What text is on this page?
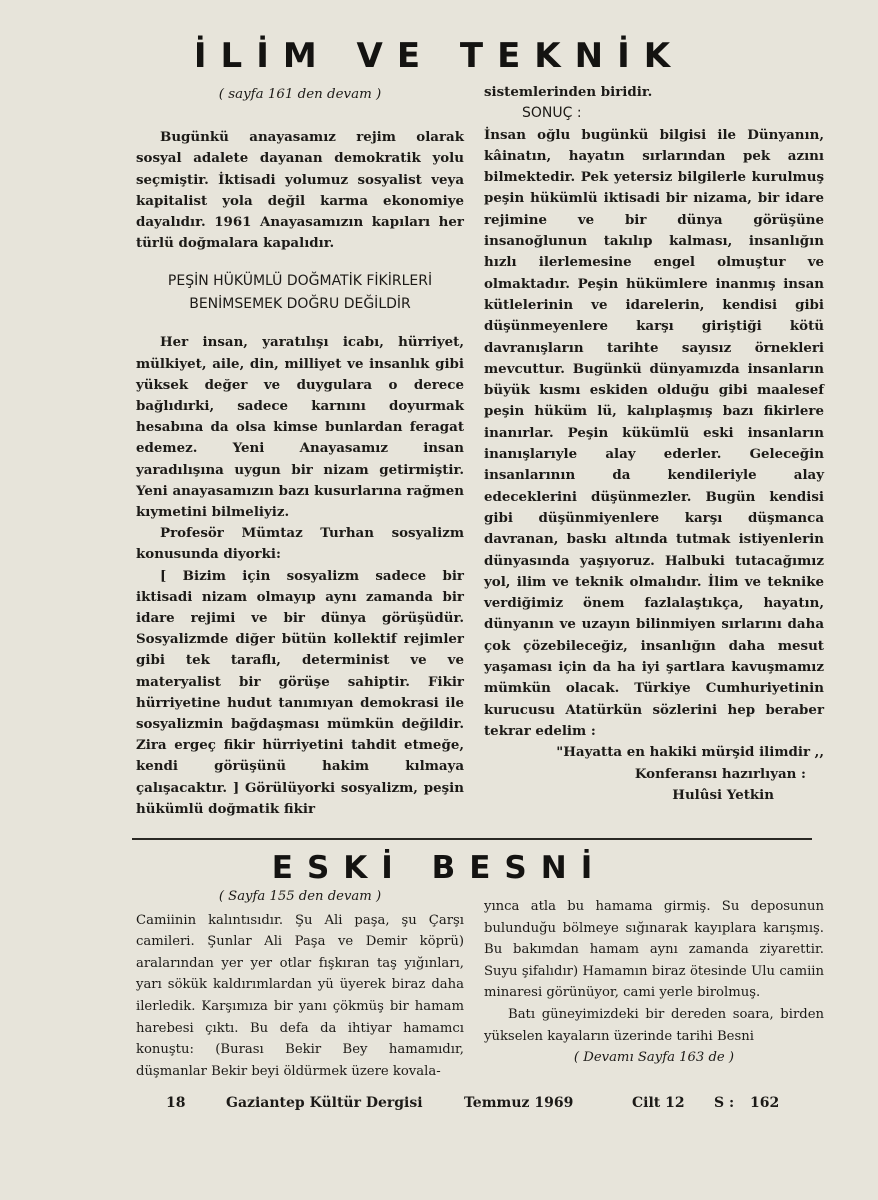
İLİM VE TEKNİK

( sayfa 161 den devam )

Bugünkü anayasamız rejim olarak sosyal adalete dayanan demokratik yolu seçmiştir. İktisadi yolumuz sosyalist veya kapitalist yola değil karma ekonomiye dayalıdır. 1961 Anayasamızın kapıları her türlü doğmalara kapalıdır.

PEŞİN HÜKÜMLÜ DOĞMATİK FİKİRLERİ BENİMSEMEK DOĞRU DEĞİLDİR

Her insan, yaratılışı icabı, hürriyet, mülkiyet, aile, din, milliyet ve insanlık gibi yüksek değer ve duygulara o derece bağlıdırki, sadece karnını doyurmak hesabına da olsa kimse bunlardan feragat edemez. Yeni Anayasamız insan yaradılışına uygun bir nizam getirmiştir. Yeni anayasamızın bazı kusurlarına rağmen kıymetini bilmeliyiz.

Profesör Mümtaz Turhan sosyalizm konusunda diyorki:

[ Bizim için sosyalizm sadece bir iktisadi nizam olmayıp aynı zamanda bir idare rejimi ve bir dünya görüşüdür. Sosyalizmde diğer bütün kollektif rejimler gibi tek taraflı, determinist ve ve materyalist bir görüşe sahiptir. Fikir hürriyetine hudut tanımıyan demokrasi ile sosyalizmin bağdaşması mümkün değildir. Zira ergeç fikir hürriyetini tahdit etmeğe, kendi görüşünü hakim kılmaya çalışacaktır. ] Görülüyorki sosyalizm, peşin hükümlü doğmatik fikir

sistemlerinden biridir.

SONUÇ :

İnsan oğlu bugünkü bilgisi ile Dünyanın, kâinatın, hayatın sırlarından pek azını bilmektedir. Pek yetersiz bilgilerle kurulmuş peşin hükümlü iktisadi bir nizama, bir idare rejimine ve bir dünya görüşüne insanoğlunun takılıp kalması, insanlığın hızlı ilerlemesine engel olmuştur ve olmaktadır. Peşin hükümlere inanmış insan kütlelerinin ve idarelerin, kendisi gibi düşünmeyenlere karşı giriştiği kötü davranışların tarihte sayısız örnekleri mevcuttur. Bugünkü dünyamızda insanların büyük kısmı eskiden olduğu gibi maalesef peşin hüküm lü, kalıplaşmış bazı fikirlere inanırlar. Peşin kükümlü eski insanların inanışlarıyle alay ederler. Geleceğin insanlarının da kendileriyle alay edeceklerini düşünmezler. Bugün kendisi gibi düşünmiyenlere karşı düşmanca davranan, baskı altında tutmak istiyenlerin dünyasında yaşıyoruz. Halbuki tutacağımız yol, ilim ve teknik olmalıdır. İlim ve teknike verdiğimiz önem fazlalaştıkça, hayatın, dünyanın ve uzayın bilinmiyen sırlarını daha çok çözebileceğiz, insanlığın daha mesut yaşaması için da ha iyi şartlara kavuşmamız mümkün olacak. Türkiye Cumhuriyetinin kurucusu Atatürkün sözlerini hep beraber tekrar edelim :

"Hayatta en hakiki mürşid ilimdir ,,

Konferansı hazırlıyan :

Hulûsi Yetkin

ESKİ BESNİ

( Sayfa 155 den devam )

Camiinin kalıntısıdır. Şu Ali paşa, şu Çarşı camileri. Şunlar Ali Paşa ve Demir köprü) aralarından yer yer otlar fışkıran taş yığınları, yarı sökük kaldırımlardan yü üyerek biraz daha ilerledik. Karşımıza bir yanı çökmüş bir hamam harebesi çıktı. Bu defa da ihtiyar hamamcı konuştu: (Burası Bekir Bey hamamıdır, düşmanlar Bekir beyi öldürmek üzere kovala-

yınca atla bu hamama girmiş. Su deposunun bulunduğu bölmeye sığınarak kayıplara karışmış. Bu bakımdan hamam aynı zamanda ziyarettir. Suyu şifalıdır) Hamamın biraz ötesinde Ulu camiin minaresi görünüyor, cami yerle birolmuş.

Batı güneyimizdeki bir dereden soara, birden yükselen kayaların üzerinde tarihi Besni

( Devamı Sayfa 163 de )

18	Gaziantep Kültür Dergisi	Temmuz 1969	Cilt 12 S : 162
